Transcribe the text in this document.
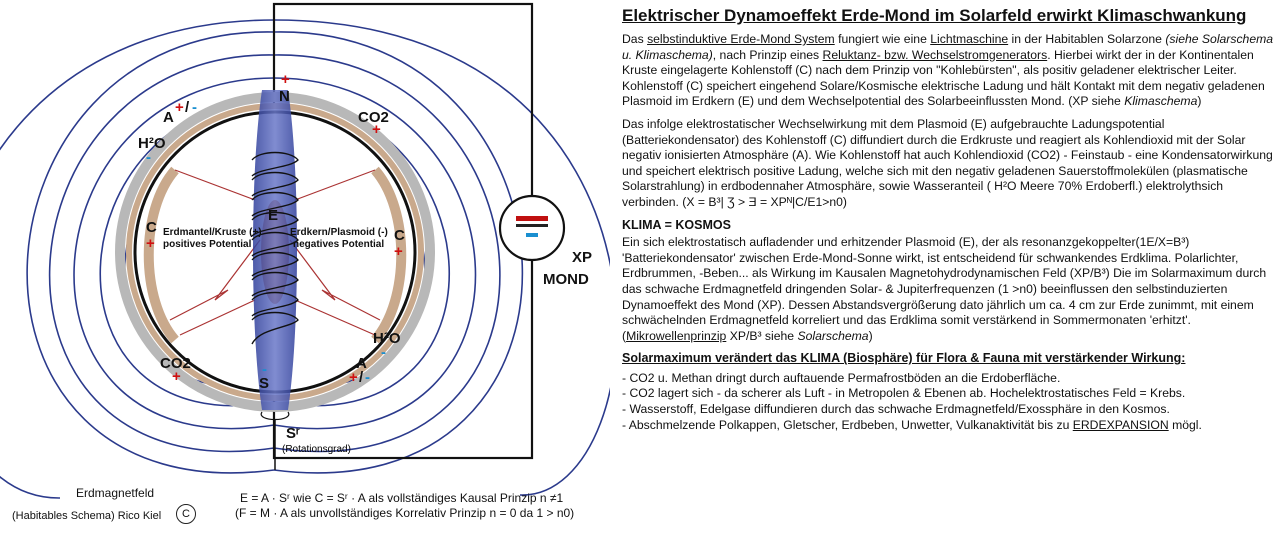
+
N
A
+ / -
H²O
-
CO2
+
C
+	C
+
Erdmantel/Kruste (+)
positives Potential
Erdkern/Plasmoid (-)
negatives Potential
E
H²O
-
A
+ / -
CO2
+	-
S
Sʳ
(Rotationsgrad)
XP
MOND
Erdmagnetfeld
(Habitables Schema) Rico Kiel	C
E = A · Sʳ wie C = Sʳ · A als vollständiges Kausal Prinzip n ≠1
(F = M · A als unvollständiges Korrelativ Prinzip n = 0 da 1 > n0)
Elektrischer Dynamoeffekt Erde-Mond im Solarfeld erwirkt Klimaschwankung

Das selbstinduktive Erde-Mond System fungiert wie eine Lichtmaschine in der Habitablen Solarzone (siehe Solarschema u. Klimaschema), nach Prinzip eines Reluktanz- bzw. Wechselstromgenerators. Hierbei wirkt der in der Kontinentalen Kruste eingelagerte Kohlenstoff (C) nach dem Prinzip von "Kohlebürsten", als positiv geladener elektrischer Leiter. Kohlenstoff (C) speichert eingehend Solare/Kosmische elektrische Ladung und hält Kontakt mit dem negativ geladenen Plasmoid im Erdkern (E) und dem Wechselpotential des Solarbeeinflussten Mond. (XP siehe Klimaschema)

Das infolge elektrostatischer Wechselwirkung mit dem Plasmoid (E) aufgebrauchte Ladungspotential (Batteriekondensator) des Kohlenstoff (C) diffundiert durch die Erdkruste und reagiert als Kohlendioxid mit der Solar negativ ionisierten Atmosphäre (A). Wie Kohlenstoff hat auch Kohlendioxid (CO2) - Feinstaub - eine Kondensatorwirkung und speichert elektrisch positive Ladung, welche sich mit den negativ geladenen Sauerstoffmolekülen (plasmatische Solarstrahlung) in erdbodennaher Atmosphäre, sowie Wasseranteil ( H²O Meere 70% Erdoberfl.) elektrolythsich verbinden. (X = B³| Ʒ > Ǝ = XPᴺ|C/E1>n0)

KLIMA = KOSMOS

Ein sich elektrostatisch aufladender und erhitzender Plasmoid (E), der als resonanzgekoppelter(1E/X=B³) 'Batteriekondensator' zwischen Erde-Mond-Sonne wirkt, ist entscheidend für schwankendes Erdklima. Polarlichter, Erdbrummen, -Beben... als Wirkung im Kausalen Magnetohydrodynamischen Feld (XP/B³) Die im Solarmaximum durch das schwache Erdmagnetfeld dringenden Solar- & Jupiterfrequenzen (1 >n0) beeinflussen den selbstinduzierten Dynamoeffekt des Mond (XP). Dessen Abstandsvergrößerung dato jährlich um ca. 4 cm zur Erde zunimmt, mit einem schwächelnden Erdmagnetfeld korreliert und das Erdklima somit verstärkend in Sommermonaten 'erhitzt'. (Mikrowellenprinzip XP/B³ siehe Solarschema)

Solarmaximum verändert das KLIMA (Biosphäre) für Flora & Fauna mit verstärkender Wirkung:
- CO2 u. Methan dringt durch auftauende Permafrostböden an die Erdoberfläche.
- CO2 lagert sich - da scherer als Luft - in Metropolen & Ebenen ab. Hochelektrostatisches Feld = Krebs.
- Wasserstoff, Edelgase diffundieren durch das schwache Erdmagnetfeld/Exossphäre in den Kosmos.
- Abschmelzende Polkappen, Gletscher, Erdbeben, Unwetter, Vulkanaktivität bis zu ERDEXPANSION mögl.
